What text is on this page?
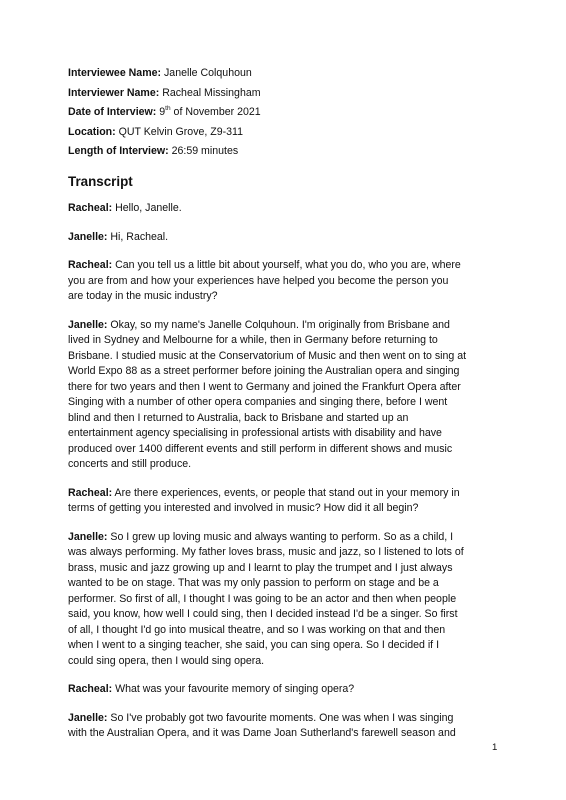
Interviewee Name: Janelle Colquhoun

Interviewer Name: Racheal Missingham

Date of Interview: 9th of November 2021

Location: QUT Kelvin Grove, Z9-311

Length of Interview: 26:59 minutes

Transcript

Racheal: Hello, Janelle.

Janelle: Hi, Racheal.

Racheal: Can you tell us a little bit about yourself, what you do, who you are, where

you are from and how your experiences have helped you become the person you

are today in the music industry?

Janelle: Okay, so my name's Janelle Colquhoun. I'm originally from Brisbane and

lived in Sydney and Melbourne for a while, then in Germany before returning to

Brisbane. I studied music at the Conservatorium of Music and then went on to sing at

World Expo 88 as a street performer before joining the Australian opera and singing

there for two years and then I went to Germany and joined the Frankfurt Opera after

Singing with a number of other opera companies and singing there, before I went

blind and then I returned to Australia, back to Brisbane and started up an

entertainment agency specialising in professional artists with disability and have

produced over 1400 different events and still perform in different shows and music

concerts and still produce.

Racheal: Are there experiences, events, or people that stand out in your memory in

terms of getting you interested and involved in music? How did it all begin?

Janelle: So I grew up loving music and always wanting to perform. So as a child, I

was always performing. My father loves brass, music and jazz, so I listened to lots of

brass, music and jazz growing up and I learnt to play the trumpet and I just always

wanted to be on stage. That was my only passion to perform on stage and be a

performer. So first of all, I thought I was going to be an actor and then when people

said, you know, how well I could sing, then I decided instead I'd be a singer. So first

of all, I thought I'd go into musical theatre, and so I was working on that and then

when I went to a singing teacher, she said, you can sing opera. So I decided if I

could sing opera, then I would sing opera.

Racheal: What was your favourite memory of singing opera?

Janelle: So I've probably got two favourite moments. One was when I was singing

with the Australian Opera, and it was Dame Joan Sutherland's farewell season and

1
